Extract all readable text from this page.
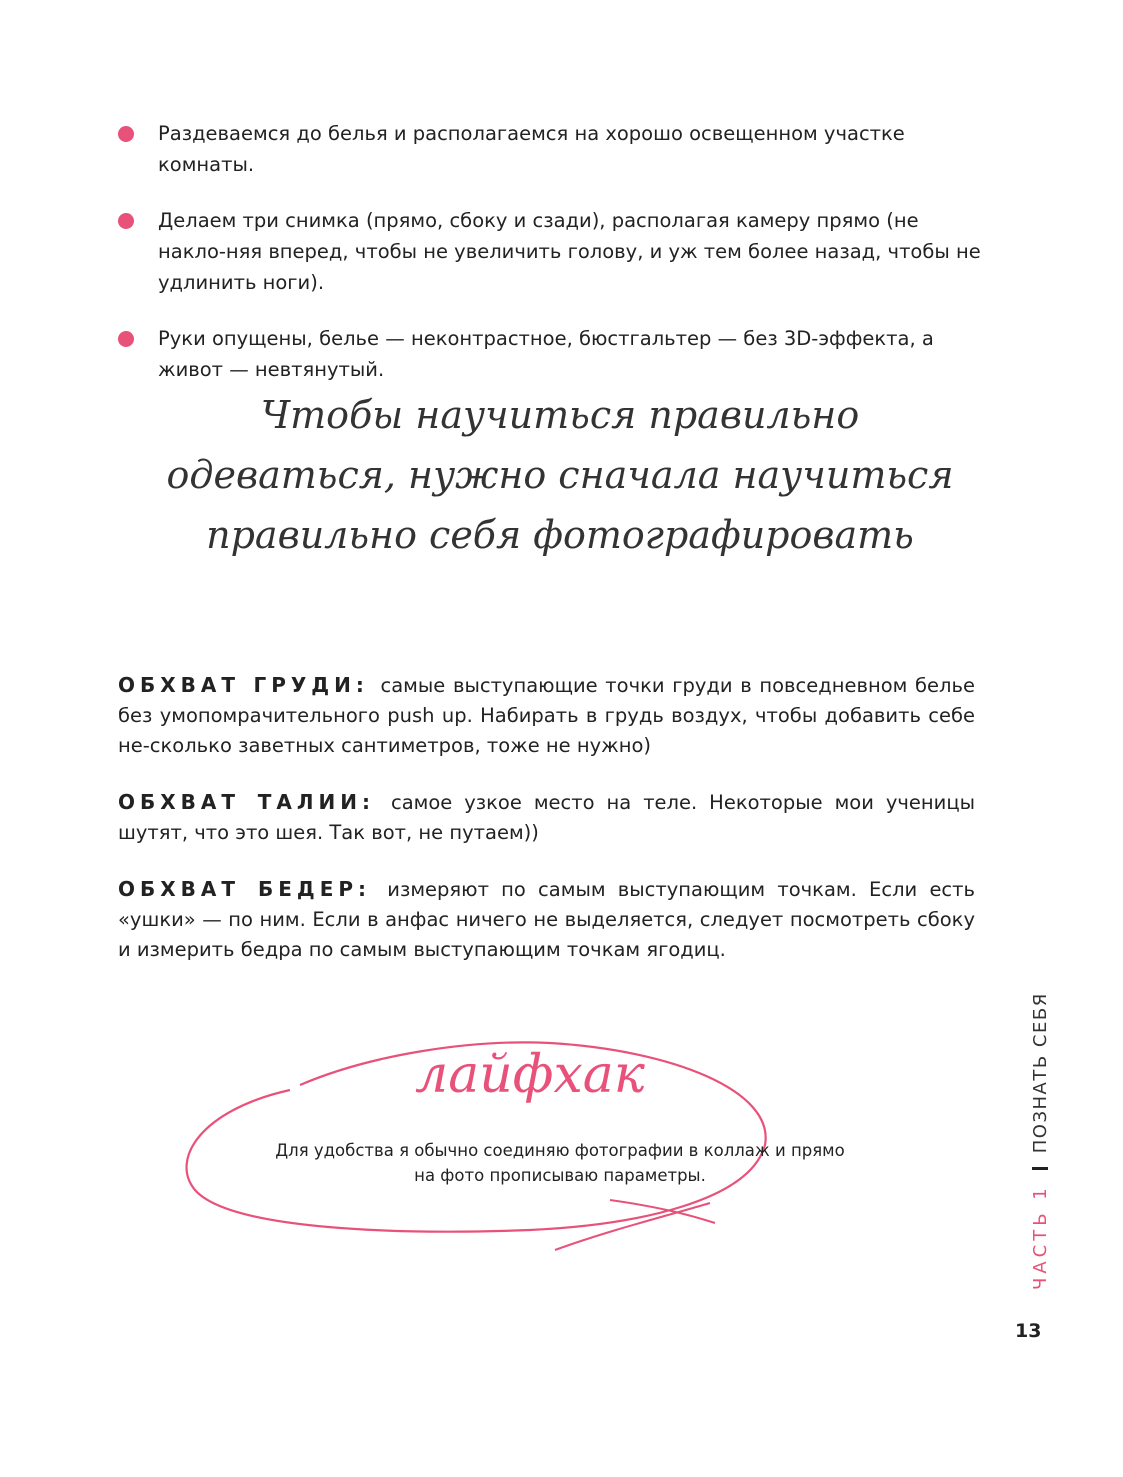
Раздеваемся до белья и располагаемся на хорошо освещенном участке комнаты.
Делаем три снимка (прямо, сбоку и сзади), располагая камеру прямо (не накло-няя вперед, чтобы не увеличить голову, и уж тем более назад, чтобы не удлинить ноги).
Руки опущены, белье — неконтрастное, бюстгальтер — без 3D-эффекта, а живот — невтянутый.
Чтобы научиться правильно одеваться, нужно сначала научиться правильно себя фотографировать

ОБХВАТ ГРУДИ: самые выступающие точки груди в повседневном белье без умопомрачительного push up. Набирать в грудь воздух, чтобы добавить себе не-сколько заветных сантиметров, тоже не нужно)

ОБХВАТ ТАЛИИ: самое узкое место на теле. Некоторые мои ученицы шутят, что это шея. Так вот, не путаем))

ОБХВАТ БЕДЕР: измеряют по самым выступающим точкам. Если есть «ушки» — по ним. Если в анфас ничего не выделяется, следует посмотреть сбоку и измерить бедра по самым выступающим точкам ягодиц.

лайфхак
Для удобства я обычно соединяю фотографии в коллаж и прямо на фото прописываю параметры.
ЧАСТЬ 1ПОЗНАТЬ СЕБЯ
13
